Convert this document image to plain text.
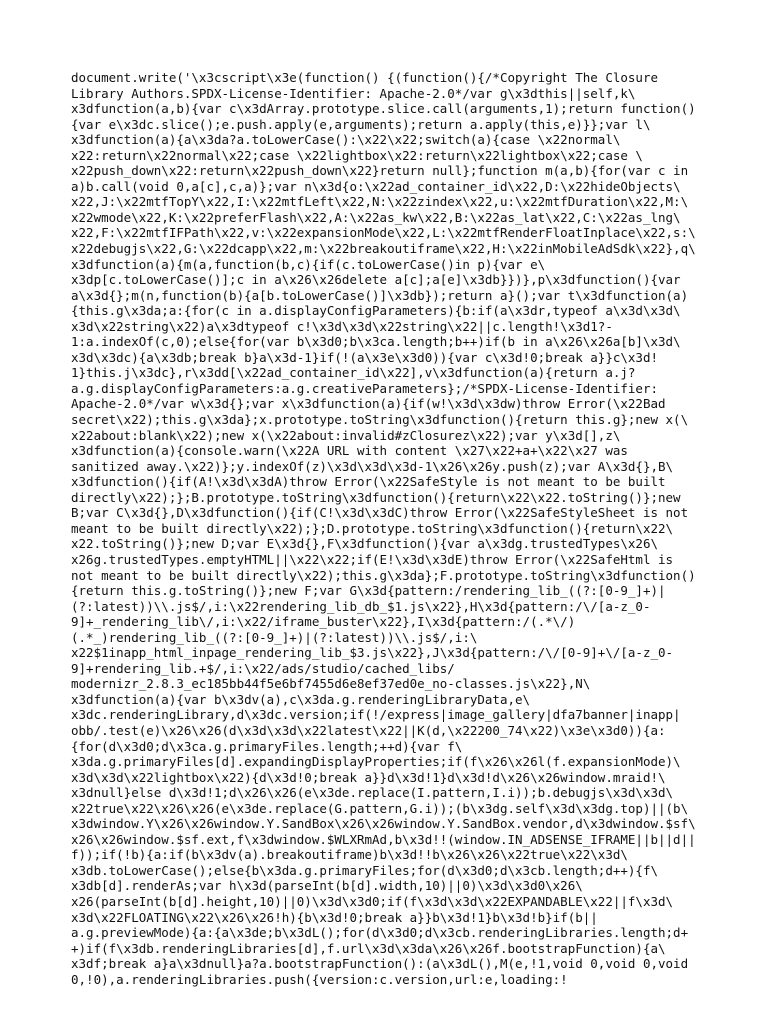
document.write('\x3cscript\x3e(function() {(function(){/*Copyright The Closure
Library Authors.SPDX-License-Identifier: Apache-2.0*/var g\x3dthis||self,k\
x3dfunction(a,b){var c\x3dArray.prototype.slice.call(arguments,1);return function()
{var e\x3dc.slice();e.push.apply(e,arguments);return a.apply(this,e)}};var l\
x3dfunction(a){a\x3da?a.toLowerCase():\x22\x22;switch(a){case \x22normal\
x22:return\x22normal\x22;case \x22lightbox\x22:return\x22lightbox\x22;case \
x22push_down\x22:return\x22push_down\x22}return null};function m(a,b){for(var c in
a)b.call(void 0,a[c],c,a)};var n\x3d{o:\x22ad_container_id\x22,D:\x22hideObjects\
x22,J:\x22mtfTopY\x22,I:\x22mtfLeft\x22,N:\x22zindex\x22,u:\x22mtfDuration\x22,M:\
x22wmode\x22,K:\x22preferFlash\x22,A:\x22as_kw\x22,B:\x22as_lat\x22,C:\x22as_lng\
x22,F:\x22mtfIFPath\x22,v:\x22expansionMode\x22,L:\x22mtfRenderFloatInplace\x22,s:\
x22debugjs\x22,G:\x22dcapp\x22,m:\x22breakoutiframe\x22,H:\x22inMobileAdSdk\x22},q\
x3dfunction(a){m(a,function(b,c){if(c.toLowerCase()in p){var e\
x3dp[c.toLowerCase()];c in a\x26\x26delete a[c];a[e]\x3db}})},p\x3dfunction(){var
a\x3d{};m(n,function(b){a[b.toLowerCase()]\x3db});return a}();var t\x3dfunction(a)
{this.g\x3da;a:{for(c in a.displayConfigParameters){b:if(a\x3dr,typeof a\x3d\x3d\
x3d\x22string\x22)a\x3dtypeof c!\x3d\x3d\x22string\x22||c.length!\x3d1?-
1:a.indexOf(c,0);else{for(var b\x3d0;b\x3ca.length;b++)if(b in a\x26\x26a[b]\x3d\
x3d\x3dc){a\x3db;break b}a\x3d-1}if(!(a\x3e\x3d0)){var c\x3d!0;break a}}c\x3d!
1}this.j\x3dc},r\x3dd[\x22ad_container_id\x22],v\x3dfunction(a){return a.j?
a.g.displayConfigParameters:a.g.creativeParameters};/*SPDX-License-Identifier:
Apache-2.0*/var w\x3d{};var x\x3dfunction(a){if(w!\x3d\x3dw)throw Error(\x22Bad
secret\x22);this.g\x3da};x.prototype.toString\x3dfunction(){return this.g};new x(\
x22about:blank\x22);new x(\x22about:invalid#zClosurez\x22);var y\x3d[],z\
x3dfunction(a){console.warn(\x22A URL with content \x27\x22+a+\x22\x27 was
sanitized away.\x22)};y.indexOf(z)\x3d\x3d\x3d-1\x26\x26y.push(z);var A\x3d{},B\
x3dfunction(){if(A!\x3d\x3dA)throw Error(\x22SafeStyle is not meant to be built
directly\x22);};B.prototype.toString\x3dfunction(){return\x22\x22.toString()};new
B;var C\x3d{},D\x3dfunction(){if(C!\x3d\x3dC)throw Error(\x22SafeStyleSheet is not
meant to be built directly\x22);};D.prototype.toString\x3dfunction(){return\x22\
x22.toString()};new D;var E\x3d{},F\x3dfunction(){var a\x3dg.trustedTypes\x26\
x26g.trustedTypes.emptyHTML||\x22\x22;if(E!\x3d\x3dE)throw Error(\x22SafeHtml is
not meant to be built directly\x22);this.g\x3da};F.prototype.toString\x3dfunction()
{return this.g.toString()};new F;var G\x3d{pattern:/rendering_lib_((?:[0-9_]+)|
(?:latest))\\.js$/,i:\x22rendering_lib_db_$1.js\x22},H\x3d{pattern:/\/[a-z_0-
9]+_rendering_lib\/,i:\x22/iframe_buster\x22},I\x3d{pattern:/(.*\/)
(.*_)rendering_lib_((?:[0-9_]+)|(?:latest))\\.js$/,i:\
x22$1inapp_html_inpage_rendering_lib_$3.js\x22},J\x3d{pattern:/\/[0-9]+\/[a-z_0-
9]+rendering_lib.+$/,i:\x22/ads/studio/cached_libs/
modernizr_2.8.3_ec185bb44f5e6bf7455d6e8ef37ed0e_no-classes.js\x22},N\
x3dfunction(a){var b\x3dv(a),c\x3da.g.renderingLibraryData,e\
x3dc.renderingLibrary,d\x3dc.version;if(!/express|image_gallery|dfa7banner|inapp|
obb/.test(e)\x26\x26(d\x3d\x3d\x22latest\x22||K(d,\x22200_74\x22)\x3e\x3d0)){a:
{for(d\x3d0;d\x3ca.g.primaryFiles.length;++d){var f\
x3da.g.primaryFiles[d].expandingDisplayProperties;if(f\x26\x26l(f.expansionMode)\
x3d\x3d\x22lightbox\x22){d\x3d!0;break a}}d\x3d!1}d\x3d!d\x26\x26window.mraid!\
x3dnull}else d\x3d!1;d\x26\x26(e\x3de.replace(I.pattern,I.i));b.debugjs\x3d\x3d\
x22true\x22\x26\x26(e\x3de.replace(G.pattern,G.i));(b\x3dg.self\x3d\x3dg.top)||(b\
x3dwindow.Y\x26\x26window.Y.SandBox\x26\x26window.Y.SandBox.vendor,d\x3dwindow.$sf\
x26\x26window.$sf.ext,f\x3dwindow.$WLXRmAd,b\x3d!!(window.IN_ADSENSE_IFRAME||b||d||
f));if(!b){a:if(b\x3dv(a).breakoutiframe)b\x3d!!b\x26\x26\x22true\x22\x3d\
x3db.toLowerCase();else{b\x3da.g.primaryFiles;for(d\x3d0;d\x3cb.length;d++){f\
x3db[d].renderAs;var h\x3d(parseInt(b[d].width,10)||0)\x3d\x3d0\x26\
x26(parseInt(b[d].height,10)||0)\x3d\x3d0;if(f\x3d\x3d\x22EXPANDABLE\x22||f\x3d\
x3d\x22FLOATING\x22\x26\x26!h){b\x3d!0;break a}}b\x3d!1}b\x3d!b}if(b||
a.g.previewMode){a:{a\x3de;b\x3dL();for(d\x3d0;d\x3cb.renderingLibraries.length;d+
+)if(f\x3db.renderingLibraries[d],f.url\x3d\x3da\x26\x26f.bootstrapFunction){a\
x3df;break a}a\x3dnull}a?a.bootstrapFunction():(a\x3dL(),M(e,!1,void 0,void 0,void
0,!0),a.renderingLibraries.push({version:c.version,url:e,loading:!
